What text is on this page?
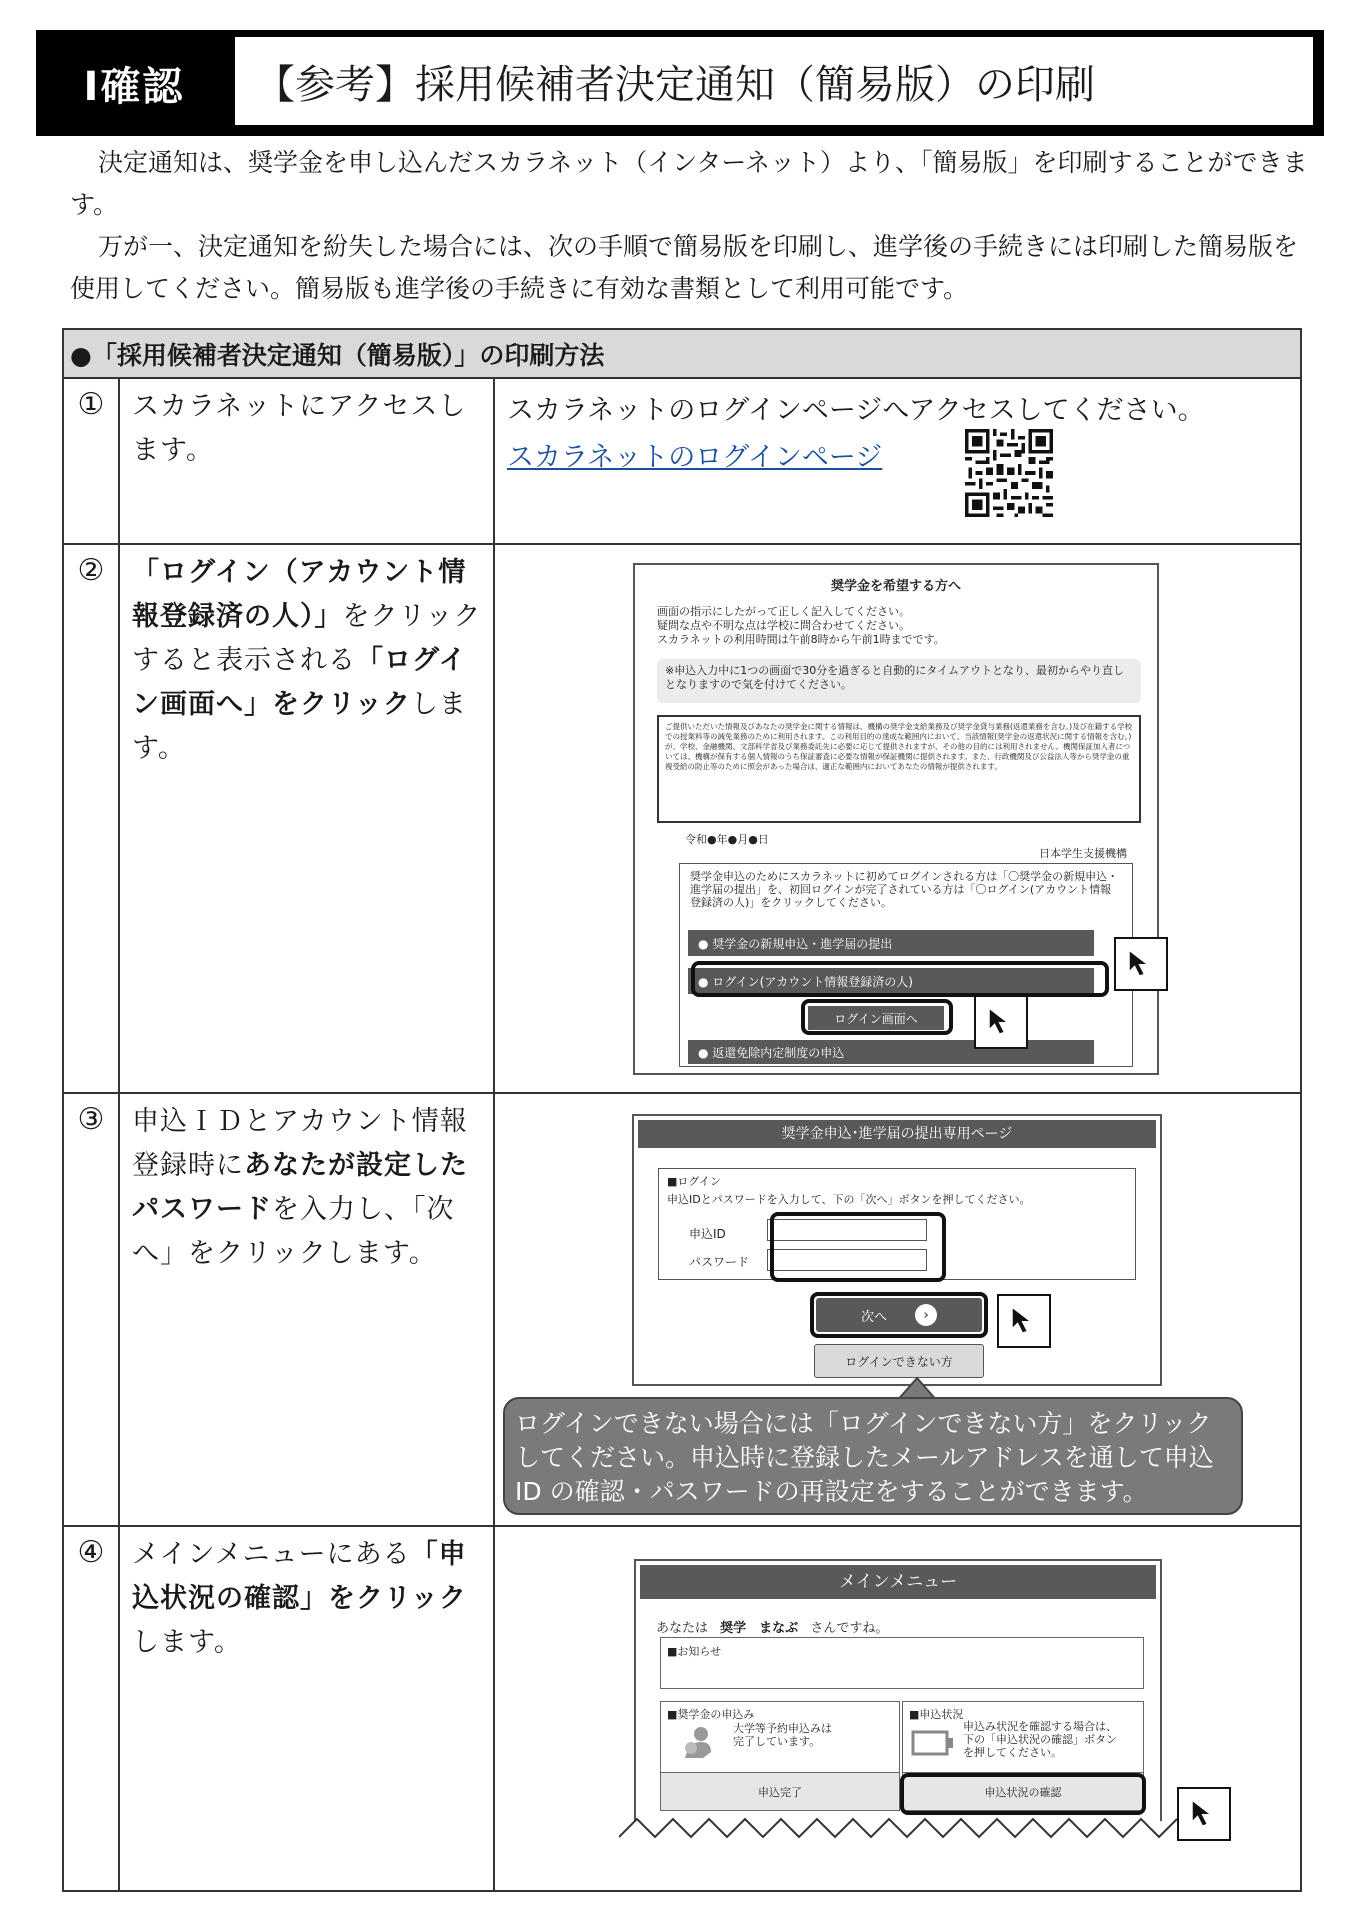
Ⅰ確認	【参考】採用候補者決定通知（簡易版）の印刷

決定通知は、奨学金を申し込んだスカラネット（インターネット）より、「簡易版」を印刷することができます。

万が一、決定通知を紛失した場合には、次の手順で簡易版を印刷し、進学後の手続きには印刷した簡易版を使用してください。簡易版も進学後の手続きに有効な書類として利用可能です。

●「採用候補者決定通知（簡易版）」の印刷方法
①	スカラネットにアクセスします。
スカラネットのログインページへアクセスしてください。
スカラネットのログインページ
②	「ログイン（アカウント情報登録済の人）」をクリックすると表示される「ログイン画面へ」をクリックします。
奨学金を希望する方へ
画面の指示にしたがって正しく記入してください。
疑問な点や不明な点は学校に問合わせてください。
スカラネットの利用時間は午前8時から午前1時までです。
※申込入力中に1つの画面で30分を過ぎると自動的にタイムアウトとなり、最初からやり直しとなりますので気を付けてください。
ご提供いただいた情報及びあなたの奨学金に関する情報は、機構の奨学金支給業務及び奨学金貸与業務(返還業務を含む。)及び在籍する学校での授業料等の減免業務のために利用されます。この利用目的の達成な範囲内において、当該情報(奨学金の返還状況に関する情報を含む。)が、学校、金融機関、文部科学省及び業務委託先に必要に応じて提供されますが、その他の目的には利用されません。機関保証加入者については、機構が保有する個人情報のうち保証審査に必要な情報が保証機関に提供されます。また、行政機関及び公益法人等から奨学金の重複受給の防止等のために照会があった場合は、適正な範囲内においてあなたの情報が提供されます。
令和●年●月●日
日本学生支援機構
奨学金申込のためにスカラネットに初めてログインされる方は「〇奨学金の新規申込・進学届の提出」を、初回ログインが完了されている方は「〇ログイン(アカウント情報登録済の人)」をクリックしてください。
● 奨学金の新規申込・進学届の提出
● ログイン(アカウント情報登録済の人)
ログイン画面へ
● 返還免除内定制度の申込
③	申込ＩＤとアカウント情報登録時にあなたが設定したパスワードを入力し、「次へ」をクリックします。
奨学金申込･進学届の提出専用ページ
■ログイン
申込IDとパスワードを入力して、下の「次へ」ボタンを押してください。
申込ID
パスワード
次へ	›
ログインできない方
ログインできない場合には「ログインできない方」をクリックしてください。申込時に登録したメールアドレスを通して申込 ID の確認・パスワードの再設定をすることができます。
④	メインメニューにある「申込状況の確認」をクリックします。
メインメニュー
あなたは 奨学　まなぶ さんですね。
■お知らせ
■奨学金の申込み
大学等予約申込みは
完了しています。
申込完了
■申込状況
申込み状況を確認する場合は、
下の「申込状況の確認」ボタン
を押してください。
申込状況の確認
